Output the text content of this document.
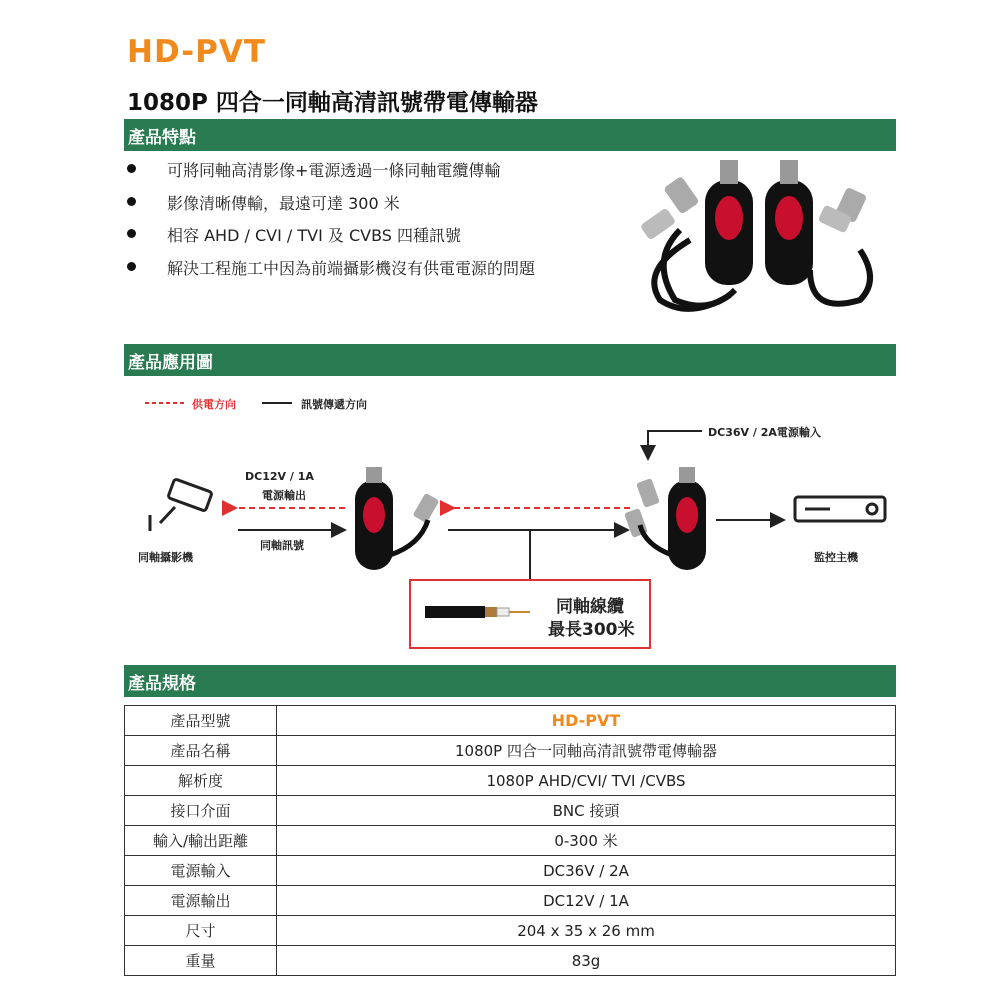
HD-PVT
1080P 四合一同軸高清訊號帶電傳輸器
產品特點
可將同軸高清影像+電源透過一條同軸電纜傳輸
影像清晰傳輸，最遠可達 300 米
相容 AHD / CVI / TVI 及 CVBS 四種訊號
解決工程施工中因為前端攝影機沒有供電電源的問題
產品應用圖
供電方向	訊號傳遞方向
DC36V / 2A電源輸入
DC12V / 1A
電源輸出
同軸訊號
同軸攝影機	監控主機
同軸線纜
最長300米
產品規格
產品型號	HD-PVT
產品名稱	1080P 四合一同軸高清訊號帶電傳輸器
解析度	1080P AHD/CVI/ TVI /CVBS
接口介面	BNC 接頭
輸入/輸出距離	0-300 米
電源輸入	DC36V / 2A
電源輸出	DC12V / 1A
尺寸	204 x 35 x 26 mm
重量	83g
